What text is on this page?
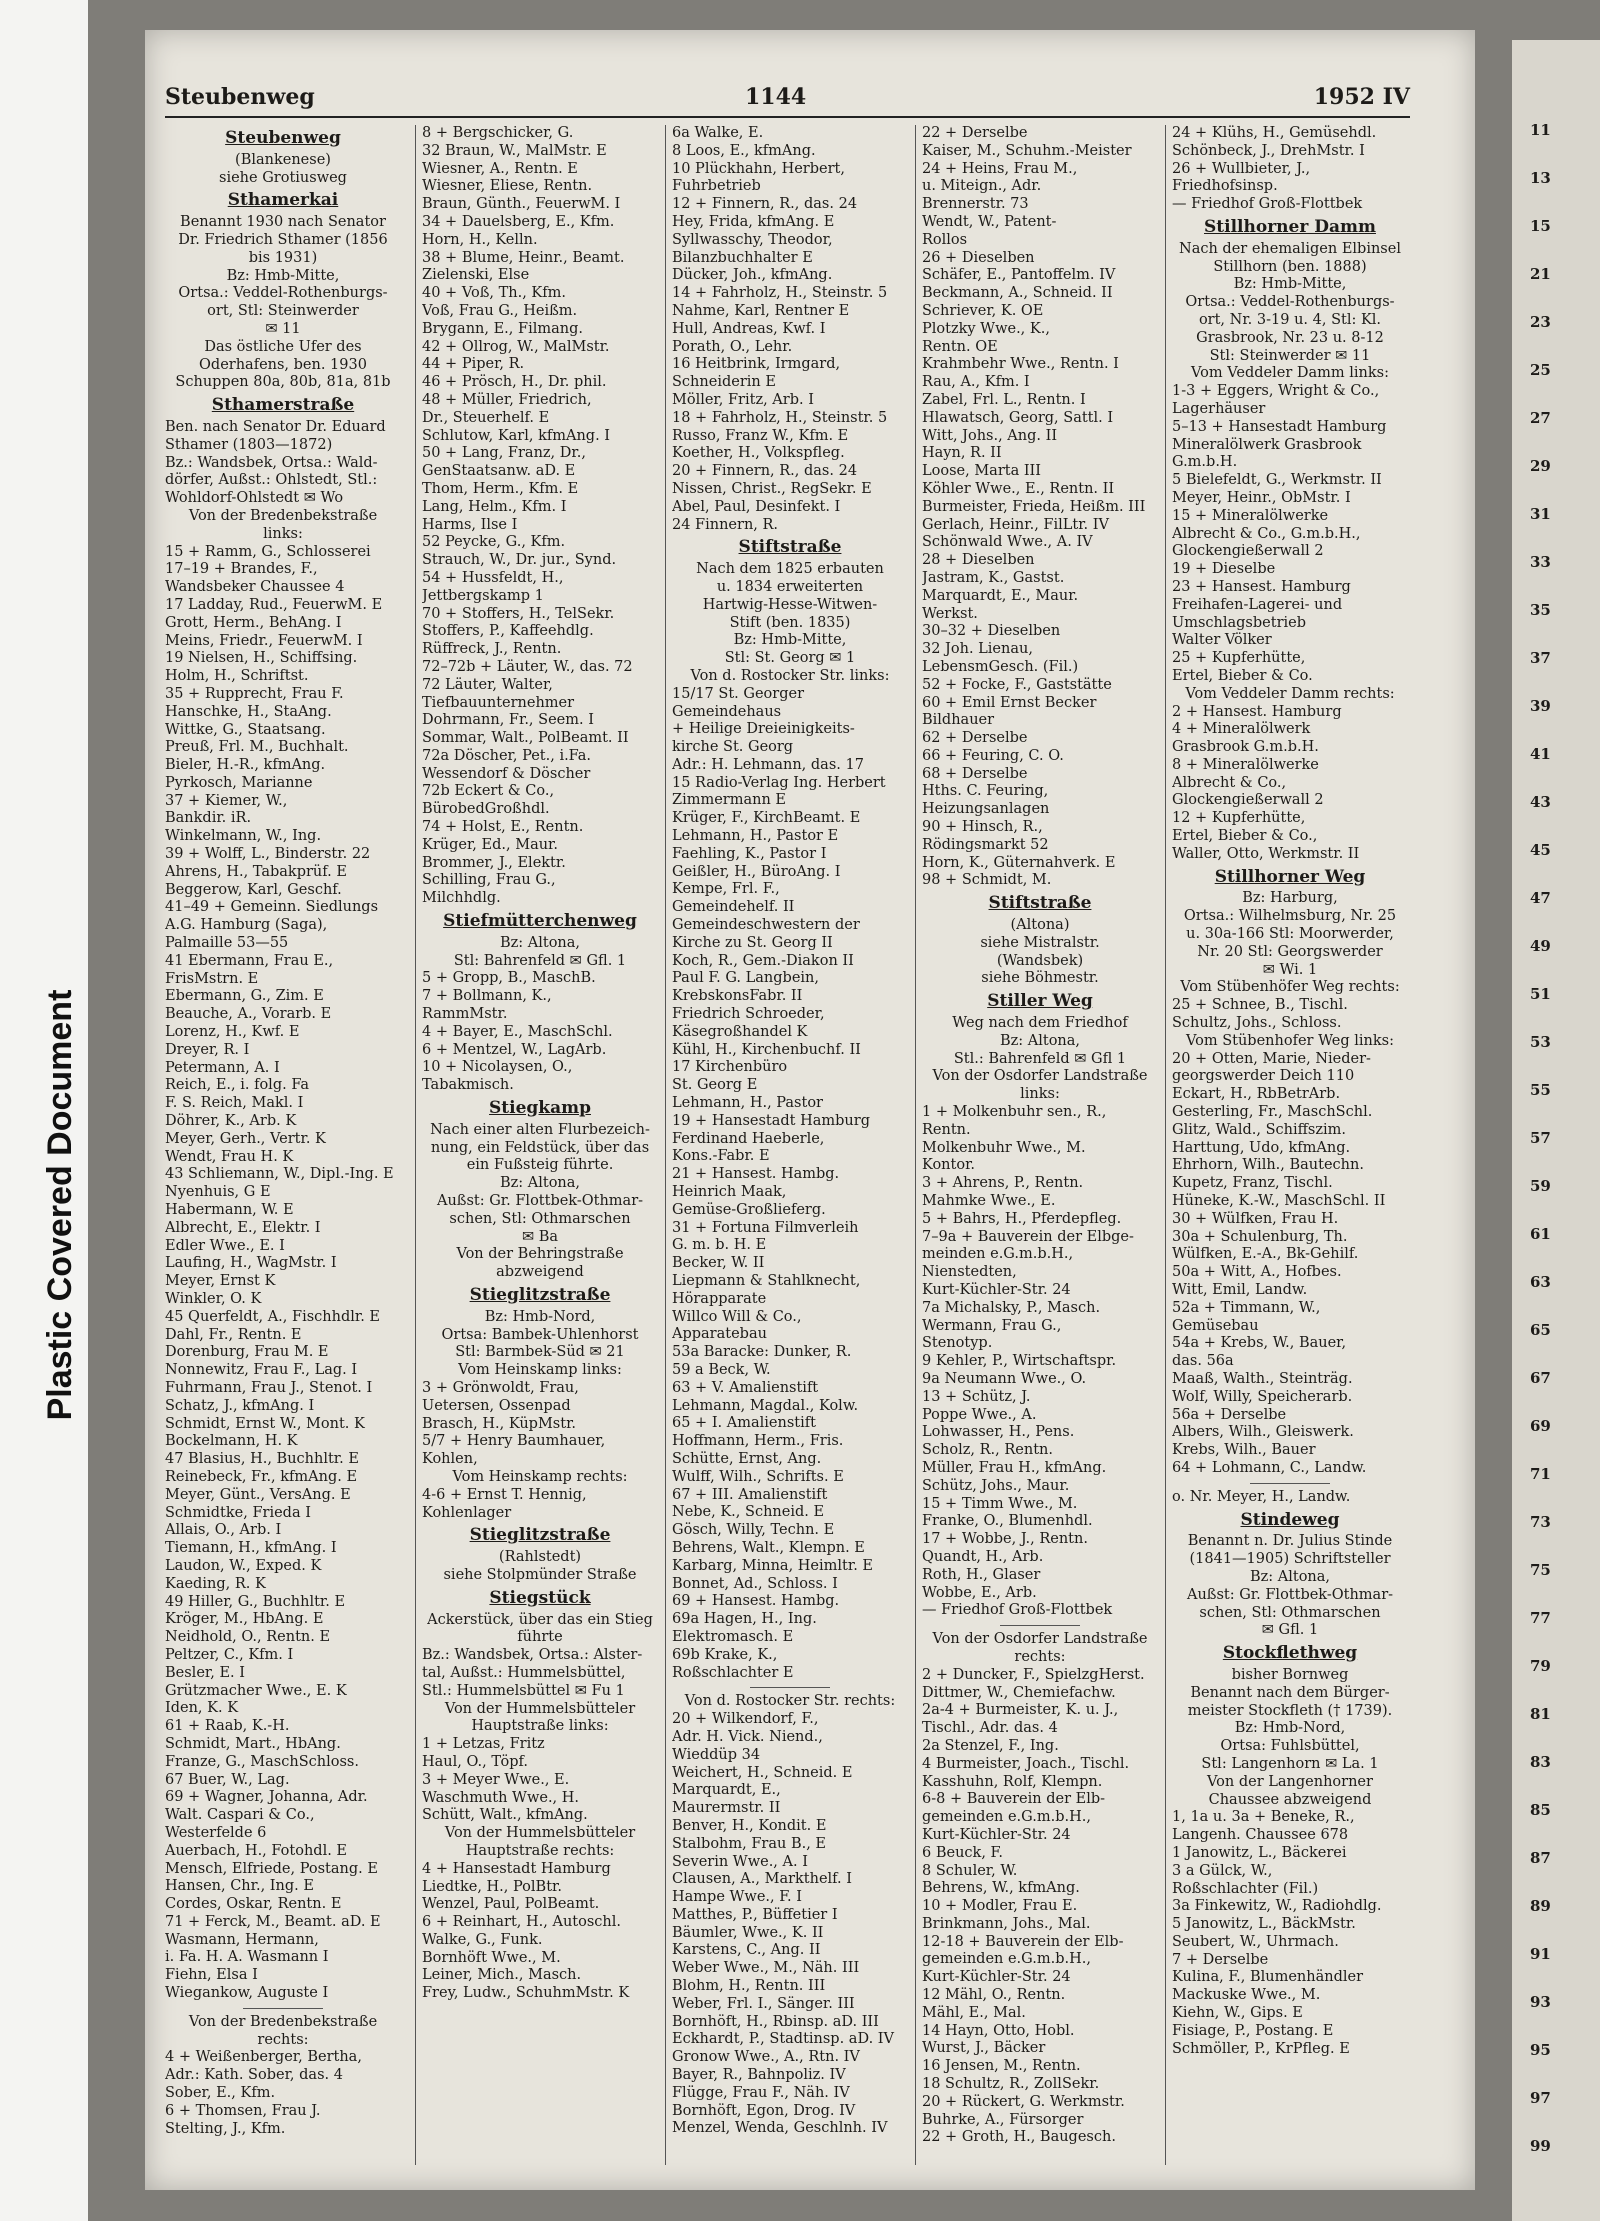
Plastic Covered Document
Steubenweg	1144	1952 IV
Steubenweg
(Blankenese)
siehe Grotiusweg
Sthamerkai
Benannt 1930 nach Senator
Dr. Friedrich Sthamer (1856
bis 1931)
Bz: Hmb-Mitte,
Ortsa.: Veddel-Rothenburgs-
ort, Stl: Steinwerder
✉ 11
Das östliche Ufer des
Oderhafens, ben. 1930
Schuppen 80a, 80b, 81a, 81b
Sthamerstraße
Ben. nach Senator Dr. Eduard
Sthamer (1803—1872)
Bz.: Wandsbek, Ortsa.: Wald-
dörfer, Außst.: Ohlstedt, Stl.:
Wohldorf-Ohlstedt ✉ Wo
Von der Bredenbekstraße
links:
15 + Ramm, G., Schlosserei
17–19 + Brandes, F.,
Wandsbeker Chaussee 4
17 Ladday, Rud., FeuerwM. E
Grott, Herm., BehAng. I
Meins, Friedr., FeuerwM. I
19 Nielsen, H., Schiffsing.
Holm, H., Schriftst.
35 + Rupprecht, Frau F.
Hanschke, H., StaAng.
Wittke, G., Staatsang.
Preuß, Frl. M., Buchhalt.
Bieler, H.-R., kfmAng.
Pyrkosch, Marianne
37 + Kiemer, W.,
Bankdir. iR.
Winkelmann, W., Ing.
39 + Wolff, L., Binderstr. 22
Ahrens, H., Tabakprüf. E
Beggerow, Karl, Geschf.
41–49 + Gemeinn. Siedlungs
A.G. Hamburg (Saga),
Palmaille 53—55
41 Ebermann, Frau E.,
FrisMstrn. E
Ebermann, G., Zim. E
Beauche, A., Vorarb. E
Lorenz, H., Kwf. E
Dreyer, R. I
Petermann, A. I
Reich, E., i. folg. Fa
F. S. Reich, Makl. I
Döhrer, K., Arb. K
Meyer, Gerh., Vertr. K
Wendt, Frau H. K
43 Schliemann, W., Dipl.-Ing. E
Nyenhuis, G E
Habermann, W. E
Albrecht, E., Elektr. I
Edler Wwe., E. I
Laufing, H., WagMstr. I
Meyer, Ernst K
Winkler, O. K
45 Querfeldt, A., Fischhdlr. E
Dahl, Fr., Rentn. E
Dorenburg, Frau M. E
Nonnewitz, Frau F., Lag. I
Fuhrmann, Frau J., Stenot. I
Schatz, J., kfmAng. I
Schmidt, Ernst W., Mont. K
Bockelmann, H. K
47 Blasius, H., Buchhltr. E
Reinebeck, Fr., kfmAng. E
Meyer, Günt., VersAng. E
Schmidtke, Frieda I
Allais, O., Arb. I
Tiemann, H., kfmAng. I
Laudon, W., Exped. K
Kaeding, R. K
49 Hiller, G., Buchhltr. E
Kröger, M., HbAng. E
Neidhold, O., Rentn. E
Peltzer, C., Kfm. I
Besler, E. I
Grützmacher Wwe., E. K
Iden, K. K
61 + Raab, K.-H.
Schmidt, Mart., HbAng.
Franze, G., MaschSchloss.
67 Buer, W., Lag.
69 + Wagner, Johanna, Adr.
Walt. Caspari & Co.,
Westerfelde 6
Auerbach, H., Fotohdl. E
Mensch, Elfriede, Postang. E
Hansen, Chr., Ing. E
Cordes, Oskar, Rentn. E
71 + Ferck, M., Beamt. aD. E
Wasmann, Hermann,
i. Fa. H. A. Wasmann I
Fiehn, Elsa I
Wiegankow, Auguste I
Von der Bredenbekstraße
rechts:
4 + Weißenberger, Bertha,
Adr.: Kath. Sober, das. 4
Sober, E., Kfm.
6 + Thomsen, Frau J.
Stelting, J., Kfm.
8 + Bergschicker, G.
32 Braun, W., MalMstr. E
Wiesner, A., Rentn. E
Wiesner, Eliese, Rentn.
Braun, Günth., FeuerwM. I
34 + Dauelsberg, E., Kfm.
Horn, H., Kelln.
38 + Blume, Heinr., Beamt.
Zielenski, Else
40 + Voß, Th., Kfm.
Voß, Frau G., Heißm.
Brygann, E., Filmang.
42 + Ollrog, W., MalMstr.
44 + Piper, R.
46 + Prösch, H., Dr. phil.
48 + Müller, Friedrich,
Dr., Steuerhelf. E
Schlutow, Karl, kfmAng. I
50 + Lang, Franz, Dr.,
GenStaatsanw. aD. E
Thom, Herm., Kfm. E
Lang, Helm., Kfm. I
Harms, Ilse I
52 Peycke, G., Kfm.
Strauch, W., Dr. jur., Synd.
54 + Hussfeldt, H.,
Jettbergskamp 1
70 + Stoffers, H., TelSekr.
Stoffers, P., Kaffeehdlg.
Rüffreck, J., Rentn.
72–72b + Läuter, W., das. 72
72 Läuter, Walter,
Tiefbauunternehmer
Dohrmann, Fr., Seem. I
Sommar, Walt., PolBeamt. II
72a Döscher, Pet., i.Fa.
Wessendorf & Döscher
72b Eckert & Co.,
BürobedGroßhdl.
74 + Holst, E., Rentn.
Krüger, Ed., Maur.
Brommer, J., Elektr.
Schilling, Frau G.,
Milchhdlg.
Stiefmütterchenweg
Bz: Altona,
Stl: Bahrenfeld ✉ Gfl. 1
5 + Gropp, B., MaschB.
7 + Bollmann, K.,
RammMstr.
4 + Bayer, E., MaschSchl.
6 + Mentzel, W., LagArb.
10 + Nicolaysen, O.,
Tabakmisch.
Stiegkamp
Nach einer alten Flurbezeich-
nung, ein Feldstück, über das
ein Fußsteig führte.
Bz: Altona,
Außst: Gr. Flottbek-Othmar-
schen, Stl: Othmarschen
✉ Ba
Von der Behringstraße
abzweigend
Stieglitzstraße
Bz: Hmb-Nord,
Ortsa: Bambek-Uhlenhorst
Stl: Barmbek-Süd ✉ 21
Vom Heinskamp links:
3 + Grönwoldt, Frau,
Uetersen, Ossenpad
Brasch, H., KüpMstr.
5/7 + Henry Baumhauer,
Kohlen,
Vom Heinskamp rechts:
4-6 + Ernst T. Hennig,
Kohlenlager
Stieglitzstraße
(Rahlstedt)
siehe Stolpmünder Straße
Stiegstück
Ackerstück, über das ein Stieg
führte
Bz.: Wandsbek, Ortsa.: Alster-
tal, Außst.: Hummelsbüttel,
Stl.: Hummelsbüttel ✉ Fu 1
Von der Hummelsbütteler
Hauptstraße links:
1 + Letzas, Fritz
Haul, O., Töpf.
3 + Meyer Wwe., E.
Waschmuth Wwe., H.
Schütt, Walt., kfmAng.
Von der Hummelsbütteler
Hauptstraße rechts:
4 + Hansestadt Hamburg
Liedtke, H., PolBtr.
Wenzel, Paul, PolBeamt.
6 + Reinhart, H., Autoschl.
Walke, G., Funk.
Bornhöft Wwe., M.
Leiner, Mich., Masch.
Frey, Ludw., SchuhmMstr. K
6a Walke, E.
8 Loos, E., kfmAng.
10 Plückhahn, Herbert,
Fuhrbetrieb
12 + Finnern, R., das. 24
Hey, Frida, kfmAng. E
Syllwasschy, Theodor,
Bilanzbuchhalter E
Dücker, Joh., kfmAng.
14 + Fahrholz, H., Steinstr. 5
Nahme, Karl, Rentner E
Hull, Andreas, Kwf. I
Porath, O., Lehr.
16 Heitbrink, Irmgard,
Schneiderin E
Möller, Fritz, Arb. I
18 + Fahrholz, H., Steinstr. 5
Russo, Franz W., Kfm. E
Koether, H., Volkspfleg.
20 + Finnern, R., das. 24
Nissen, Christ., RegSekr. E
Abel, Paul, Desinfekt. I
24 Finnern, R.
Stiftstraße
Nach dem 1825 erbauten
u. 1834 erweiterten
Hartwig-Hesse-Witwen-
Stift (ben. 1835)
Bz: Hmb-Mitte,
Stl: St. Georg ✉ 1
Von d. Rostocker Str. links:
15/17 St. Georger
Gemeindehaus
+ Heilige Dreieinigkeits-
kirche St. Georg
Adr.: H. Lehmann, das. 17
15 Radio-Verlag Ing. Herbert
Zimmermann E
Krüger, F., KirchBeamt. E
Lehmann, H., Pastor E
Faehling, K., Pastor I
Geißler, H., BüroAng. I
Kempe, Frl. F.,
Gemeindehelf. II
Gemeindeschwestern der
Kirche zu St. Georg II
Koch, R., Gem.-Diakon II
Paul F. G. Langbein,
KrebskonsFabr. II
Friedrich Schroeder,
Käsegroßhandel K
Kühl, H., Kirchenbuchf. II
17 Kirchenbüro
St. Georg E
Lehmann, H., Pastor
19 + Hansestadt Hamburg
Ferdinand Haeberle,
Kons.-Fabr. E
21 + Hansest. Hambg.
Heinrich Maak,
Gemüse-Großlieferg.
31 + Fortuna Filmverleih
G. m. b. H. E
Becker, W. II
Liepmann & Stahlknecht,
Hörapparate
Willco Will & Co.,
Apparatebau
53a Baracke: Dunker, R.
59 a Beck, W.
63 + V. Amalienstift
Lehmann, Magdal., Kolw.
65 + I. Amalienstift
Hoffmann, Herm., Fris.
Schütte, Ernst, Ang.
Wulff, Wilh., Schrifts. E
67 + III. Amalienstift
Nebe, K., Schneid. E
Gösch, Willy, Techn. E
Behrens, Walt., Klempn. E
Karbarg, Minna, Heimltr. E
Bonnet, Ad., Schloss. I
69 + Hansest. Hambg.
69a Hagen, H., Ing.
Elektromasch. E
69b Krake, K.,
Roßschlachter E
Von d. Rostocker Str. rechts:
20 + Wilkendorf, F.,
Adr. H. Vick. Niend.,
Wieddüp 34
Weichert, H., Schneid. E
Marquardt, E.,
Maurermstr. II
Benver, H., Kondit. E
Stalbohm, Frau B., E
Severin Wwe., A. I
Clausen, A., Markthelf. I
Hampe Wwe., F. I
Matthes, P., Büffetier I
Bäumler, Wwe., K. II
Karstens, C., Ang. II
Weber Wwe., M., Näh. III
Blohm, H., Rentn. III
Weber, Frl. I., Sänger. III
Bornhöft, H., Rbinsp. aD. III
Eckhardt, P., Stadtinsp. aD. IV
Gronow Wwe., A., Rtn. IV
Bayer, R., Bahnpoliz. IV
Flügge, Frau F., Näh. IV
Bornhöft, Egon, Drog. IV
Menzel, Wenda, Geschlnh. IV
22 + Derselbe
Kaiser, M., Schuhm.-Meister
24 + Heins, Frau M.,
u. Miteign., Adr.
Brennerstr. 73
Wendt, W., Patent-
Rollos
26 + Dieselben
Schäfer, E., Pantoffelm. IV
Beckmann, A., Schneid. II
Schriever, K. OE
Plotzky Wwe., K.,
Rentn. OE
Krahmbehr Wwe., Rentn. I
Rau, A., Kfm. I
Zabel, Frl. L., Rentn. I
Hlawatsch, Georg, Sattl. I
Witt, Johs., Ang. II
Hayn, R. II
Loose, Marta III
Köhler Wwe., E., Rentn. II
Burmeister, Frieda, Heißm. III
Gerlach, Heinr., FilLtr. IV
Schönwald Wwe., A. IV
28 + Dieselben
Jastram, K., Gastst.
Marquardt, E., Maur.
Werkst.
30–32 + Dieselben
32 Joh. Lienau,
LebensmGesch. (Fil.)
52 + Focke, F., Gaststätte
60 + Emil Ernst Becker
Bildhauer
62 + Derselbe
66 + Feuring, C. O.
68 + Derselbe
Hths. C. Feuring,
Heizungsanlagen
90 + Hinsch, R.,
Rödingsmarkt 52
Horn, K., Güternahverk. E
98 + Schmidt, M.
Stiftstraße
(Altona)
siehe Mistralstr.
(Wandsbek)
siehe Böhmestr.
Stiller Weg
Weg nach dem Friedhof
Bz: Altona,
Stl.: Bahrenfeld ✉ Gfl 1
Von der Osdorfer Landstraße
links:
1 + Molkenbuhr sen., R.,
Rentn.
Molkenbuhr Wwe., M.
Kontor.
3 + Ahrens, P., Rentn.
Mahmke Wwe., E.
5 + Bahrs, H., Pferdepfleg.
7–9a + Bauverein der Elbge-
meinden e.G.m.b.H.,
Nienstedten,
Kurt-Küchler-Str. 24
7a Michalsky, P., Masch.
Wermann, Frau G.,
Stenotyp.
9 Kehler, P., Wirtschaftspr.
9a Neumann Wwe., O.
13 + Schütz, J.
Poppe Wwe., A.
Lohwasser, H., Pens.
Scholz, R., Rentn.
Müller, Frau H., kfmAng.
Schütz, Johs., Maur.
15 + Timm Wwe., M.
Franke, O., Blumenhdl.
17 + Wobbe, J., Rentn.
Quandt, H., Arb.
Roth, H., Glaser
Wobbe, E., Arb.
— Friedhof Groß-Flottbek
Von der Osdorfer Landstraße
rechts:
2 + Duncker, F., SpielzgHerst.
Dittmer, W., Chemiefachw.
2a-4 + Burmeister, K. u. J.,
Tischl., Adr. das. 4
2a Stenzel, F., Ing.
4 Burmeister, Joach., Tischl.
Kasshuhn, Rolf, Klempn.
6-8 + Bauverein der Elb-
gemeinden e.G.m.b.H.,
Kurt-Küchler-Str. 24
6 Beuck, F.
8 Schuler, W.
Behrens, W., kfmAng.
10 + Modler, Frau E.
Brinkmann, Johs., Mal.
12-18 + Bauverein der Elb-
gemeinden e.G.m.b.H.,
Kurt-Küchler-Str. 24
12 Mähl, O., Rentn.
Mähl, E., Mal.
14 Hayn, Otto, Hobl.
Wurst, J., Bäcker
16 Jensen, M., Rentn.
18 Schultz, R., ZollSekr.
20 + Rückert, G. Werkmstr.
Buhrke, A., Fürsorger
22 + Groth, H., Baugesch.
24 + Klühs, H., Gemüsehdl.
Schönbeck, J., DrehMstr. I
26 + Wullbieter, J.,
Friedhofsinsp.
— Friedhof Groß-Flottbek
Stillhorner Damm
Nach der ehemaligen Elbinsel
Stillhorn (ben. 1888)
Bz: Hmb-Mitte,
Ortsa.: Veddel-Rothenburgs-
ort, Nr. 3-19 u. 4, Stl: Kl.
Grasbrook, Nr. 23 u. 8-12
Stl: Steinwerder ✉ 11
Vom Veddeler Damm links:
1-3 + Eggers, Wright & Co.,
Lagerhäuser
5–13 + Hansestadt Hamburg
Mineralölwerk Grasbrook
G.m.b.H.
5 Bielefeldt, G., Werkmstr. II
Meyer, Heinr., ObMstr. I
15 + Mineralölwerke
Albrecht & Co., G.m.b.H.,
Glockengießerwall 2
19 + Dieselbe
23 + Hansest. Hamburg
Freihafen-Lagerei- und
Umschlagsbetrieb
Walter Völker
25 + Kupferhütte,
Ertel, Bieber & Co.
Vom Veddeler Damm rechts:
2 + Hansest. Hamburg
4 + Mineralölwerk
Grasbrook G.m.b.H.
8 + Mineralölwerke
Albrecht & Co.,
Glockengießerwall 2
12 + Kupferhütte,
Ertel, Bieber & Co.,
Waller, Otto, Werkmstr. II
Stillhorner Weg
Bz: Harburg,
Ortsa.: Wilhelmsburg, Nr. 25
u. 30a-166 Stl: Moorwerder,
Nr. 20 Stl: Georgswerder
✉ Wi. 1
Vom Stübenhöfer Weg rechts:
25 + Schnee, B., Tischl.
Schultz, Johs., Schloss.
Vom Stübenhofer Weg links:
20 + Otten, Marie, Nieder-
georgswerder Deich 110
Eckart, H., RbBetrArb.
Gesterling, Fr., MaschSchl.
Glitz, Wald., Schiffszim.
Harttung, Udo, kfmAng.
Ehrhorn, Wilh., Bautechn.
Kupetz, Franz, Tischl.
Hüneke, K.-W., MaschSchl. II
30 + Wülfken, Frau H.
30a + Schulenburg, Th.
Wülfken, E.-A., Bk-Gehilf.
50a + Witt, A., Hofbes.
Witt, Emil, Landw.
52a + Timmann, W.,
Gemüsebau
54a + Krebs, W., Bauer,
das. 56a
Maaß, Walth., Steinträg.
Wolf, Willy, Speicherarb.
56a + Derselbe
Albers, Wilh., Gleiswerk.
Krebs, Wilh., Bauer
64 + Lohmann, C., Landw.
o. Nr. Meyer, H., Landw.
Stindeweg
Benannt n. Dr. Julius Stinde
(1841—1905) Schriftsteller
Bz: Altona,
Außst: Gr. Flottbek-Othmar-
schen, Stl: Othmarschen
✉ Gfl. 1
Stockflethweg
bisher Bornweg
Benannt nach dem Bürger-
meister Stockfleth († 1739).
Bz: Hmb-Nord,
Ortsa: Fuhlsbüttel,
Stl: Langenhorn ✉ La. 1
Von der Langenhorner
Chaussee abzweigend
1, 1a u. 3a + Beneke, R.,
Langenh. Chaussee 678
1 Janowitz, L., Bäckerei
3 a Gülck, W.,
Roßschlachter (Fil.)
3a Finkewitz, W., Radiohdlg.
5 Janowitz, L., BäckMstr.
Seubert, W., Uhrmach.
7 + Derselbe
Kulina, F., Blumenhändler
Mackuske Wwe., M.
Kiehn, W., Gips. E
Fisiage, P., Postang. E
Schmöller, P., KrPfleg. E
11
13
15
21
23
25
27
29
31
33
35
37
39
41
43
45
47
49
51
53
55
57
59
61
63
65
67
69
71
73
75
77
79
81
83
85
87
89
91
93
95
97
99
